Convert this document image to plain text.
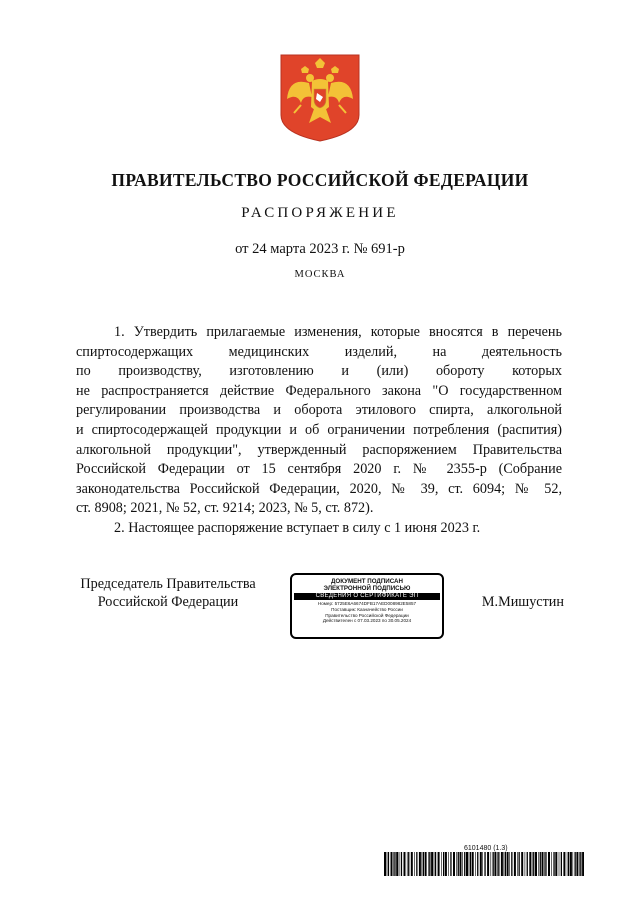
ПРАВИТЕЛЬСТВО РОССИЙСКОЙ ФЕДЕРАЦИИ
РАСПОРЯЖЕНИЕ
от 24 марта 2023 г. № 691-р
МОСКВА
1. Утвердить прилагаемые изменения, которые вносятся в перечень
спиртосодержащих медицинских изделий, на деятельность
по производству, изготовлению и (или) обороту которых
не распространяется действие Федерального закона "О государственном
регулировании производства и оборота этилового спирта, алкогольной
и спиртосодержащей продукции и об ограничении потребления (распития)
алкогольной продукции", утвержденный распоряжением Правительства
Российской Федерации от 15 сентября 2020 г. № 2355-р (Собрание
законодательства Российской Федерации, 2020, № 39, ст. 6094; № 52,
ст. 8908; 2021, № 52, ст. 9214; 2023, № 5, ст. 872).
2. Настоящее распоряжение вступает в силу с 1 июня 2023 г.
Председатель Правительства
Российской Федерации
ДОКУМЕНТ ПОДПИСАН
ЭЛЕКТРОННОЙ ПОДПИСЬЮ
СВЕДЕНИЯ О СЕРТИФИКАТЕ ЭП
Номер: 5725E6A6674DFB17AED008982E5857
Поставщик: Казначейство России
Правительство Российской Федерации
Действителен с 07.03.2023 по 30.05.2024
М.Мишустин
6101480 (1.3)
